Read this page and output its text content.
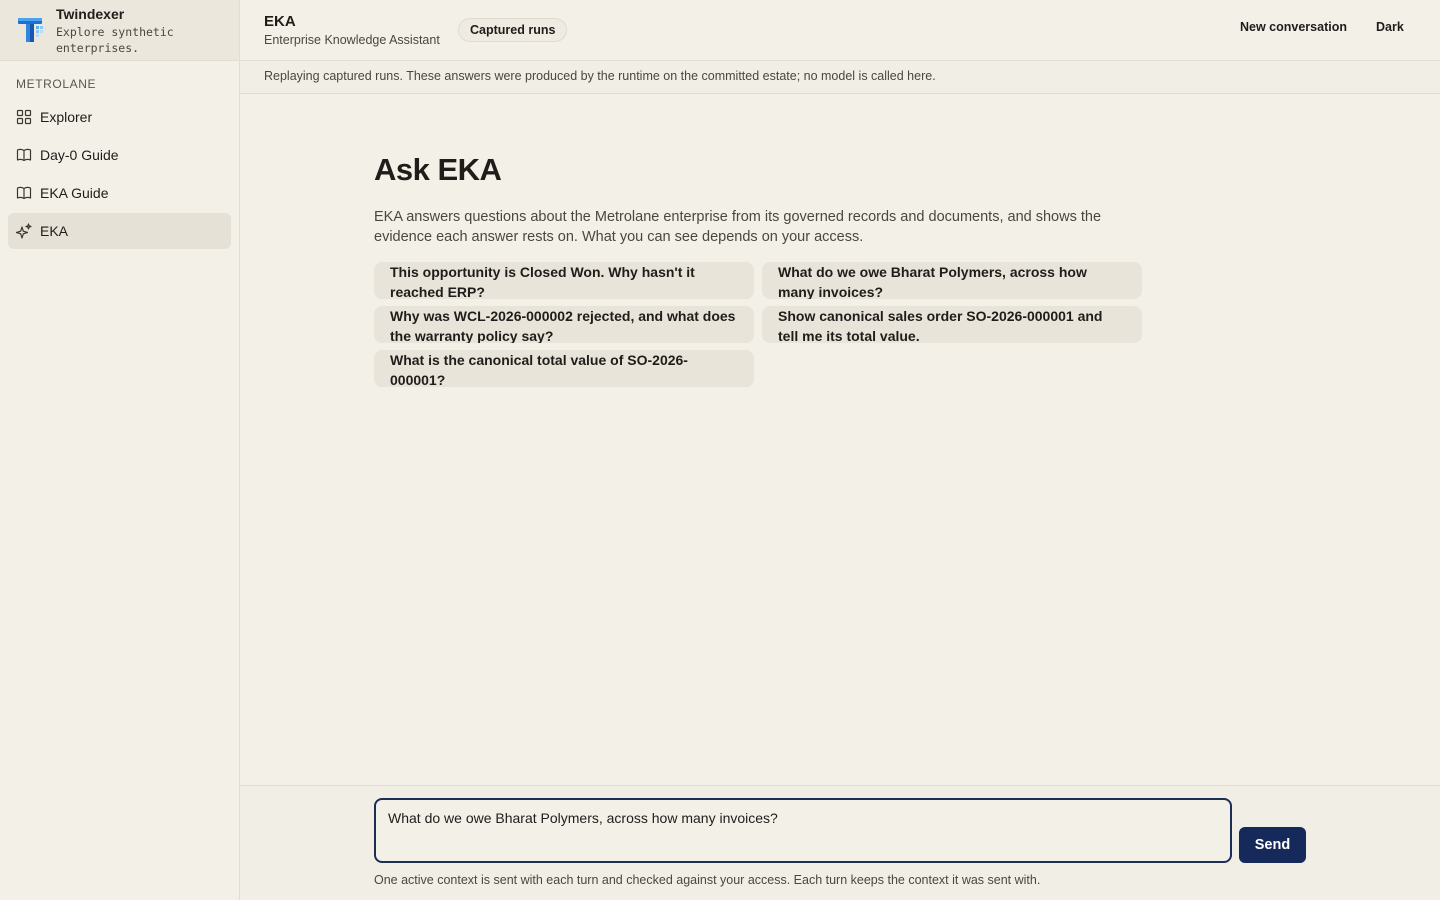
Twindexer
Explore synthetic enterprises.
METROLANE
Explorer
Day-0 Guide
EKA Guide
EKA
EKA
Enterprise Knowledge Assistant
Captured runs	New conversation Dark
Replaying captured runs. These answers were produced by the runtime on the committed estate; no model is called here.
Ask EKA

EKA answers questions about the Metrolane enterprise from its governed records and documents, and shows the evidence each answer rests on. What you can see depends on your access.

This opportunity is Closed Won. Why hasn't it reached ERP?
What do we owe Bharat Polymers, across how many invoices?
Why was WCL-2026-000002 rejected, and what does the warranty policy say?
Show canonical sales order SO-2026-000001 and tell me its total value.
What is the canonical total value of SO-2026-000001?
What do we owe Bharat Polymers, across how many invoices?
Send
One active context is sent with each turn and checked against your access. Each turn keeps the context it was sent with.
